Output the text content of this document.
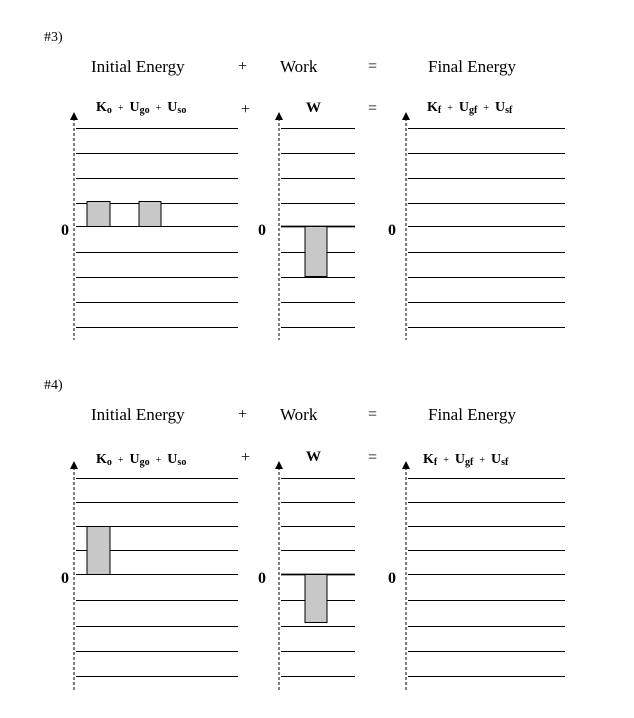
#3)
Initial Energy	+ Work	=	Final Energy
$K_o + U_{go} + U_{so}$	+	W	=	$K_f + U_{gf} + U_{sf}$
0	0	0
#4)
Initial Energy	+ Work	=	Final Energy
$K_o + U_{go} + U_{so}$	+	W	=	$K_f + U_{gf} + U_{sf}$
0	0	0
